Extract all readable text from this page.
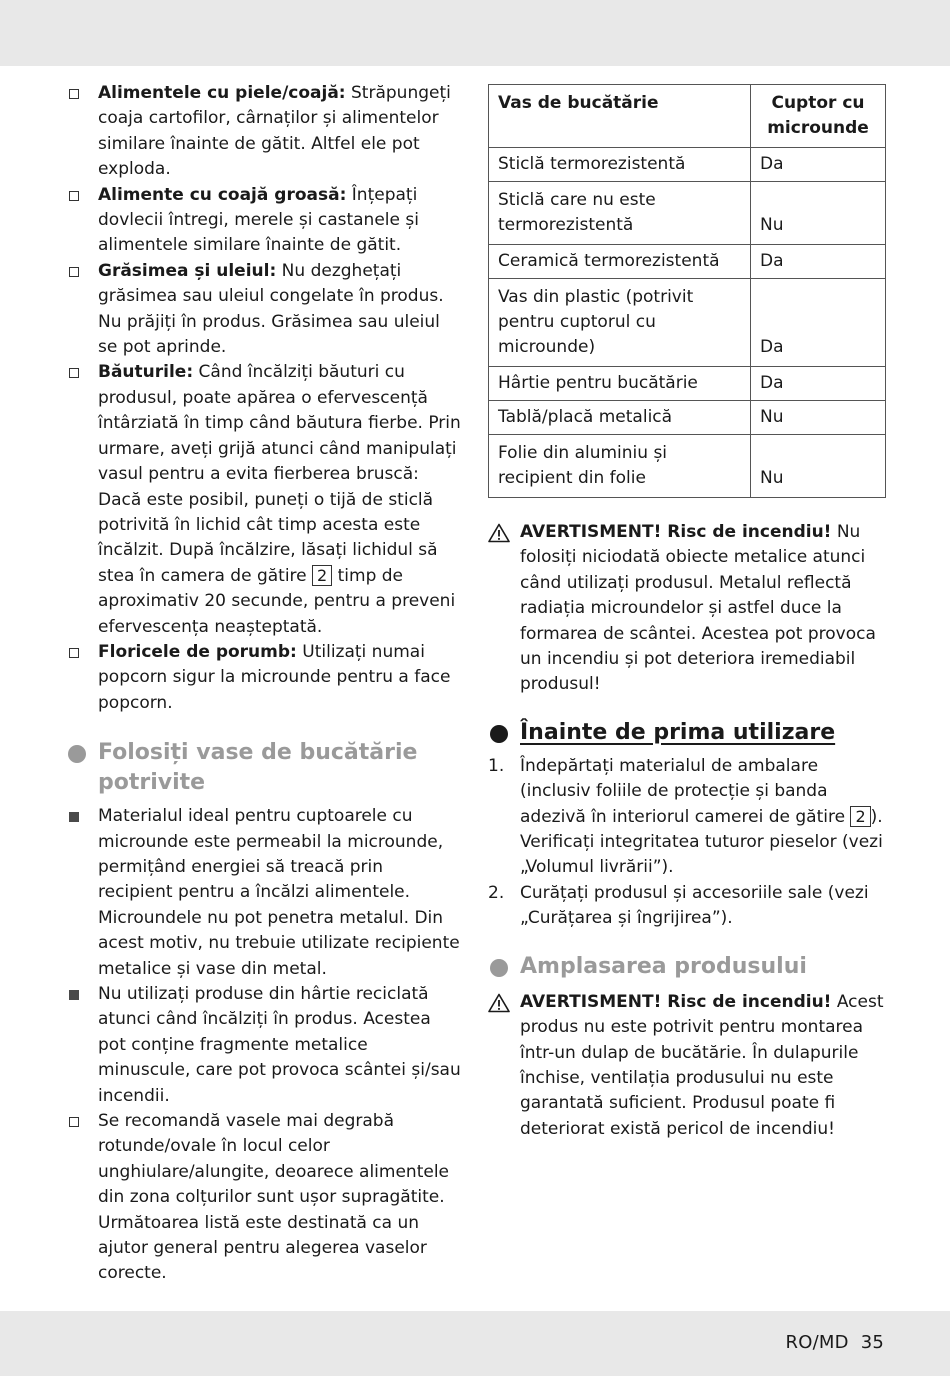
Alimentele cu piele/coajă: Străpungeți coaja cartofilor, cârnaților și alimentelor similare înainte de gătit. Altfel ele pot exploda.
Alimente cu coajă groasă: Înțepați dovlecii întregi, merele și castanele și alimentele similare înainte de gătit.
Grăsimea și uleiul: Nu dezghețați grăsimea sau uleiul congelate în produs. Nu prăjiți în produs. Grăsimea sau uleiul se pot aprinde.
Băuturile: Când încălziți băuturi cu produsul, poate apărea o efervescență întârziată în timp când băutura fierbe. Prin urmare, aveți grijă atunci când manipulați vasul pentru a evita fierberea bruscă: Dacă este posibil, puneți o tijă de sticlă potrivită în lichid cât timp acesta este încălzit. După încălzire, lăsați lichidul să stea în camera de gătire 2 timp de aproximativ 20 secunde, pentru a preveni efervescența neașteptată.
Floricele de porumb: Utilizați numai popcorn sigur la microunde pentru a face popcorn.
Folosiți vase de bucătărie potrivite
Materialul ideal pentru cuptoarele cu microunde este permeabil la microunde, permițând energiei să treacă prin recipient pentru a încălzi alimentele. Microundele nu pot penetra metalul. Din acest motiv, nu trebuie utilizate recipiente metalice și vase din metal.
Nu utilizați produse din hârtie reciclată atunci când încălziți în produs. Acestea pot conține fragmente metalice minuscule, care pot provoca scântei și/sau incendii.
Se recomandă vasele mai degrabă rotunde/ovale în locul celor unghiulare/alungite, deoarece alimentele din zona colțurilor sunt ușor supragătite. Următoarea listă este destinată ca un ajutor general pentru alegerea vaselor corecte.
Vas de bucătărie	Cuptor cu microunde
Sticlă termorezistentă	Da
Sticlă care nu este termorezistentă	Nu
Ceramică termorezistentă	Da
Vas din plastic (potrivit pentru cuptorul cu microunde)	Da
Hârtie pentru bucătărie	Da
Tablă/placă metalică	Nu
Folie din aluminiu și recipient din folie	Nu
AVERTISMENT! Risc de incendiu! Nu folosiți niciodată obiecte metalice atunci când utilizați produsul. Metalul reflectă radiația microundelor și astfel duce la formarea de scântei. Acestea pot provoca un incendiu și pot deteriora iremediabil produsul!
Înainte de prima utilizare
1. Îndepărtați materialul de ambalare (inclusiv foliile de protecție și banda adezivă în interiorul camerei de gătire 2 ). Verificați integritatea tuturor pieselor (vezi „Volumul livrării”).
2. Curățați produsul și accesoriile sale (vezi „Curățarea și îngrijirea”).
Amplasarea produsului
AVERTISMENT! Risc de incendiu! Acest produs nu este potrivit pentru montarea într-un dulap de bucătărie. În dulapurile închise, ventilația produsului nu este garantată suficient. Produsul poate fi deteriorat există pericol de incendiu!
RO/MD 35
